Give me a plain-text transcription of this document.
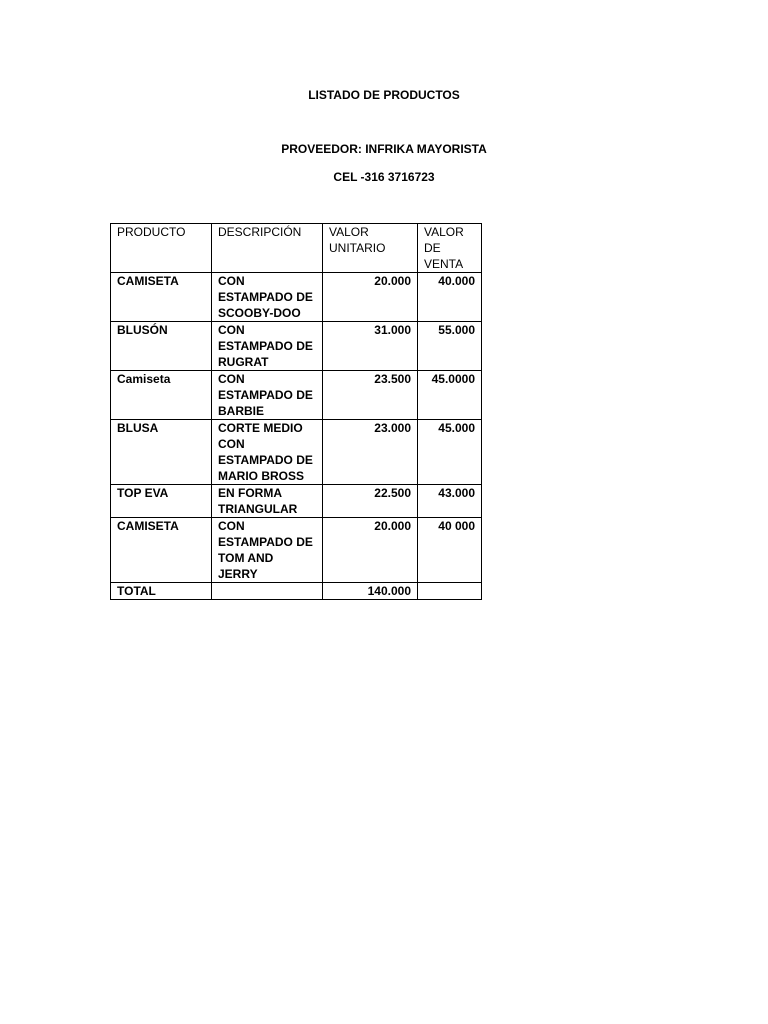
LISTADO DE PRODUCTOS
PROVEEDOR: INFRIKA MAYORISTA
CEL -316 3716723
PRODUCTO	DESCRIPCIÓN	VALOR UNITARIO	VALOR DE VENTA
CAMISETA	CON ESTAMPADO DE SCOOBY-DOO	20.000	40.000
BLUSÓN	CON ESTAMPADO DE RUGRAT	31.000	55.000
Camiseta	CON ESTAMPADO DE BARBIE	23.500	45.0000
BLUSA	CORTE MEDIO CON ESTAMPADO DE MARIO BROSS	23.000	45.000
TOP EVA	EN FORMA TRIANGULAR	22.500	43.000
CAMISETA	CON ESTAMPADO DE TOM AND JERRY	20.000	40 000
TOTAL		140.000	
